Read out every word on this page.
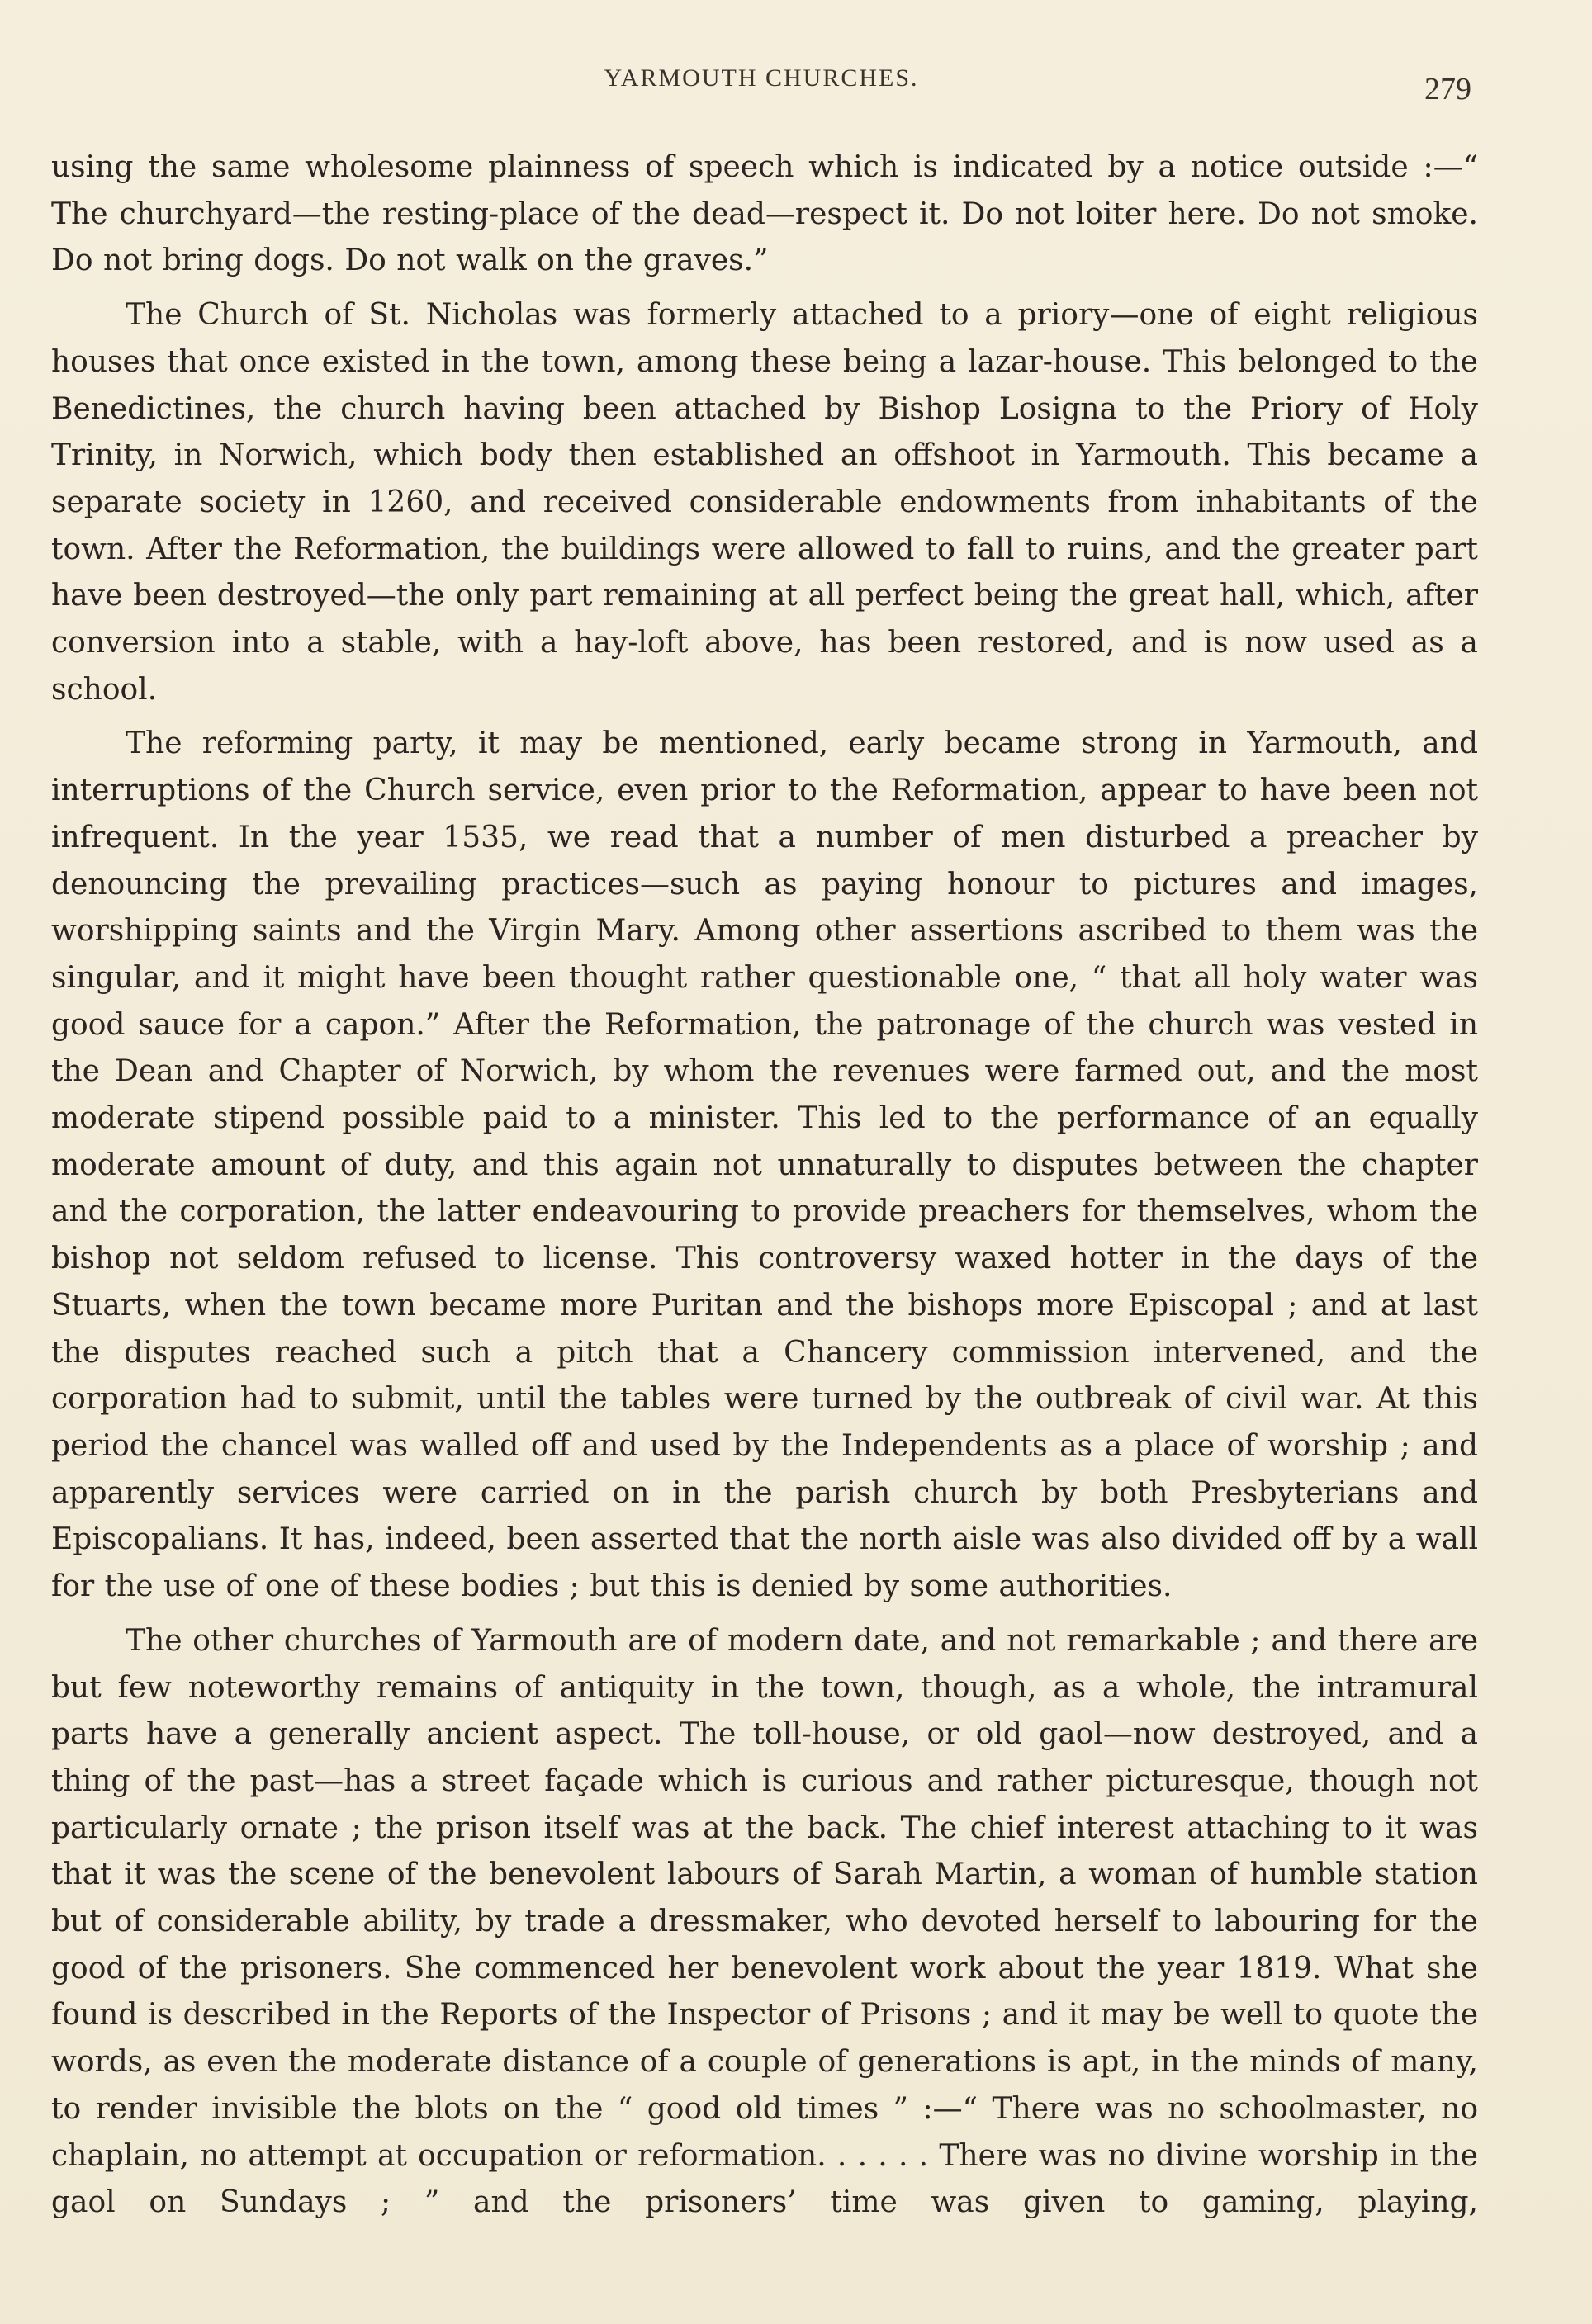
YARMOUTH CHURCHES.	279

using the same wholesome plainness of speech which is indicated by a notice outside :—“ The churchyard—the resting-place of the dead—respect it. Do not loiter here. Do not smoke. Do not bring dogs. Do not walk on the graves.”

The Church of St. Nicholas was formerly attached to a priory—one of eight religious houses that once existed in the town, among these being a lazar-house. This belonged to the Benedictines, the church having been attached by Bishop Losigna to the Priory of Holy Trinity, in Norwich, which body then established an offshoot in Yarmouth. This became a separate society in 1260, and received considerable endowments from inhabitants of the town. After the Reformation, the buildings were allowed to fall to ruins, and the greater part have been destroyed—the only part remaining at all perfect being the great hall, which, after conversion into a stable, with a hay-loft above, has been restored, and is now used as a school.

The reforming party, it may be mentioned, early became strong in Yarmouth, and interruptions of the Church service, even prior to the Reformation, appear to have been not infrequent. In the year 1535, we read that a number of men disturbed a preacher by denouncing the prevailing practices—such as paying honour to pictures and images, worshipping saints and the Virgin Mary. Among other assertions ascribed to them was the singular, and it might have been thought rather questionable one, “ that all holy water was good sauce for a capon.” After the Reformation, the patronage of the church was vested in the Dean and Chapter of Norwich, by whom the revenues were farmed out, and the most moderate stipend possible paid to a minister. This led to the performance of an equally moderate amount of duty, and this again not unnaturally to disputes between the chapter and the corporation, the latter endeavouring to provide preachers for themselves, whom the bishop not seldom refused to license. This controversy waxed hotter in the days of the Stuarts, when the town became more Puritan and the bishops more Episcopal ; and at last the disputes reached such a pitch that a Chancery commission intervened, and the corporation had to submit, until the tables were turned by the outbreak of civil war. At this period the chancel was walled off and used by the Independents as a place of worship ; and apparently services were carried on in the parish church by both Presbyterians and Episcopalians. It has, indeed, been asserted that the north aisle was also divided off by a wall for the use of one of these bodies ; but this is denied by some authorities.

The other churches of Yarmouth are of modern date, and not remarkable ; and there are but few noteworthy remains of antiquity in the town, though, as a whole, the intramural parts have a generally ancient aspect. The toll-house, or old gaol—now destroyed, and a thing of the past—has a street façade which is curious and rather picturesque, though not particularly ornate ; the prison itself was at the back. The chief interest attaching to it was that it was the scene of the benevolent labours of Sarah Martin, a woman of humble station but of considerable ability, by trade a dressmaker, who devoted herself to labouring for the good of the prisoners. She commenced her benevolent work about the year 1819. What she found is described in the Reports of the Inspector of Prisons ; and it may be well to quote the words, as even the moderate distance of a couple of generations is apt, in the minds of many, to render invisible the blots on the “ good old times ” :—“ There was no schoolmaster, no chaplain, no attempt at occupation or reformation. . . . . . There was no divine worship in the gaol on Sundays ; ” and the prisoners’ time was given to gaming, playing,
